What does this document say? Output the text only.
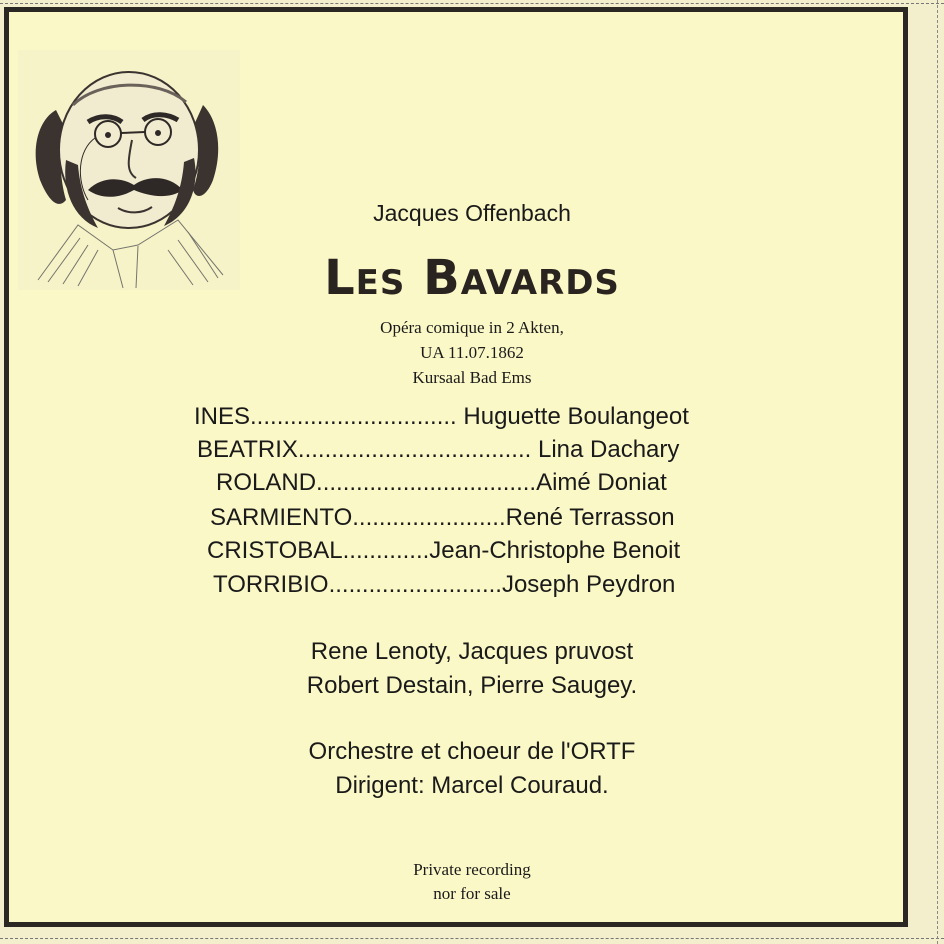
Jacques Offenbach
Les Bavards
Opéra comique in 2 Akten,
UA 11.07.1862
Kursaal Bad Ems
INES............................... Huguette Boulangeot
BEATRIX................................... Lina Dachary
ROLAND.................................Aimé Doniat
SARMIENTO.......................René Terrasson
CRISTOBAL.............Jean-Christophe Benoit
TORRIBIO..........................Joseph Peydron
Rene Lenoty, Jacques pruvost
Robert Destain, Pierre Saugey.
Orchestre et choeur de l'ORTF
Dirigent: Marcel Couraud.
Private recording
nor for sale
